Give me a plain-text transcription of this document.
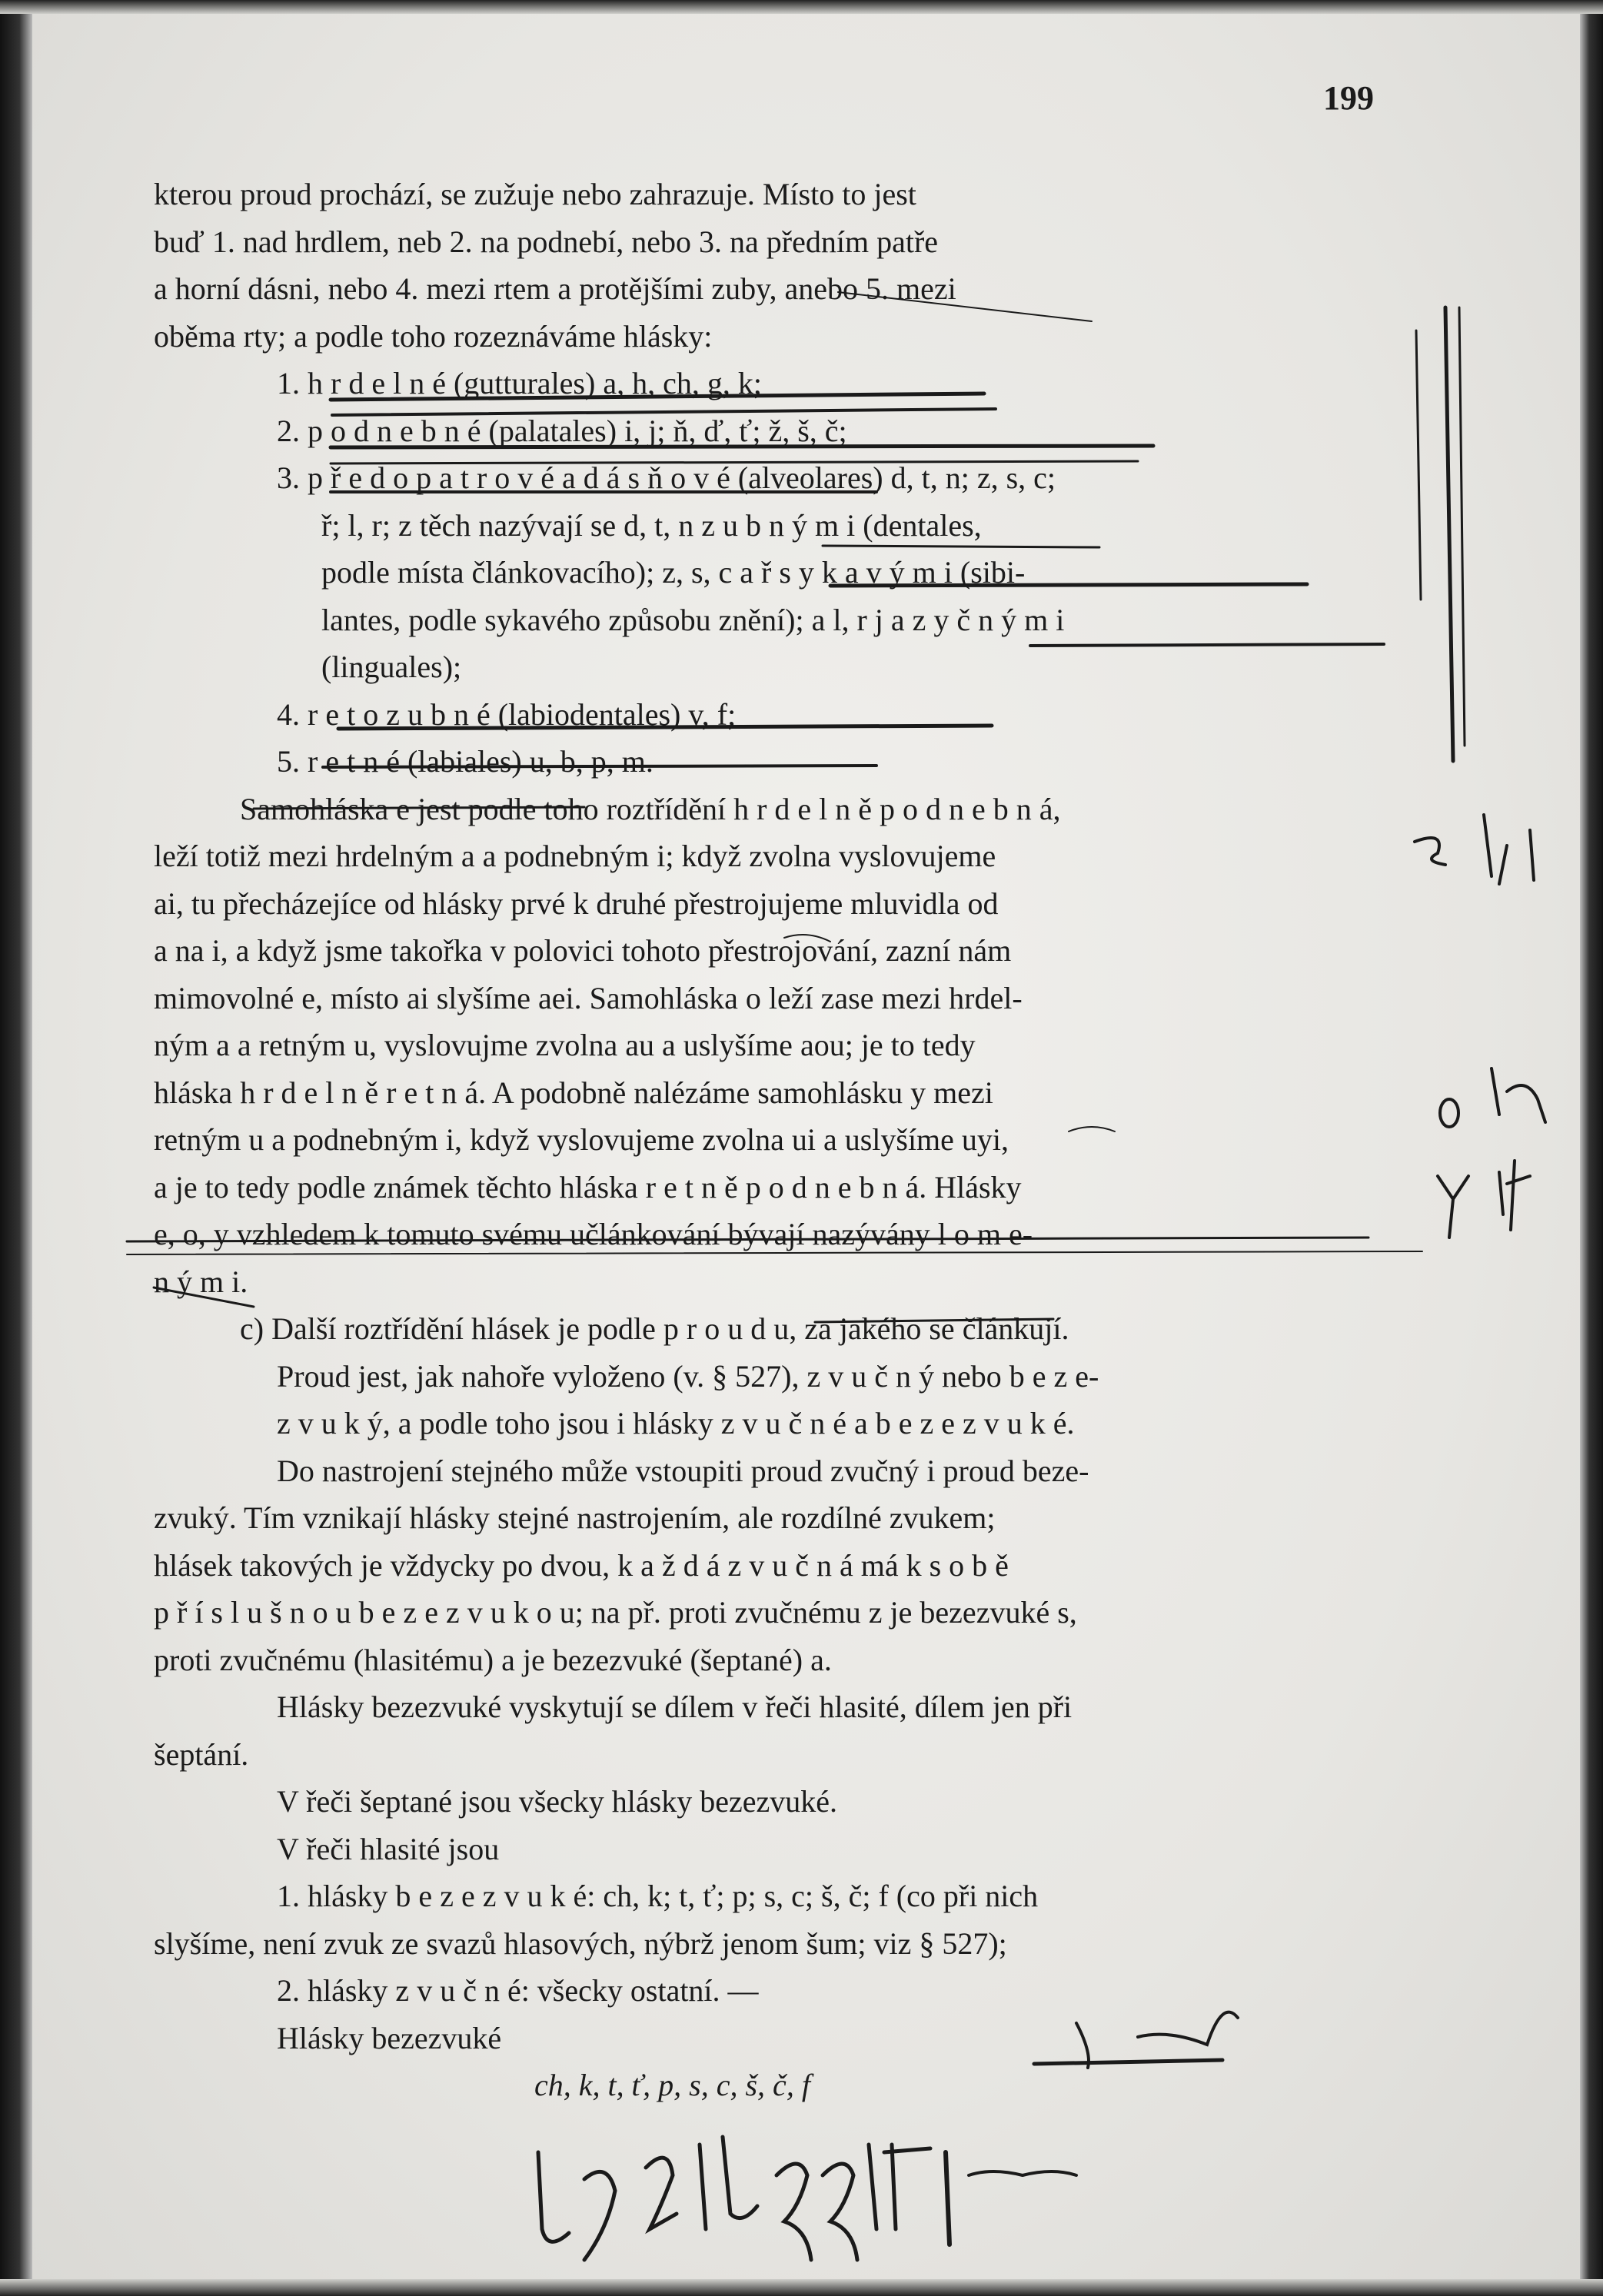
199
kterou proud prochází, se zužuje nebo zahrazuje. Místo to jest
buď 1. nad hrdlem, neb 2. na podnebí, nebo 3. na předním patře
a horní dásni, nebo 4. mezi rtem a protějšími zuby, anebo 5. mezi
oběma rty; a podle toho rozeznáváme hlásky:
1. h r d e l n é (gutturales) a, h, ch, g, k;
2. p o d n e b n é (palatales) i, j; ň, ď, ť; ž, š, č;
3. p ř e d o p a t r o v é a d á s ň o v é (alveolares) d, t, n; z, s, c;
ř; l, r; z těch nazývají se d, t, n z u b n ý m i (dentales,
podle místa článkovacího); z, s, c a ř s y k a v ý m i (sibi-
lantes, podle sykavého způsobu znění); a l, r j a z y č n ý m i
(linguales);
4. r e t o z u b n é (labiodentales) v, f;
5. r e t n é (labiales) u, b, p, m.
Samohláska e jest podle toho roztřídění h r d e l n ě p o d n e b n á,
leží totiž mezi hrdelným a a podnebným i; když zvolna vyslovujeme
ai, tu přecházejíce od hlásky prvé k druhé přestrojujeme mluvidla od
a na i, a když jsme takořka v polovici tohoto přestrojování, zazní nám
mimovolné e, místo ai slyšíme aei. Samohláska o leží zase mezi hrdel-
ným a a retným u, vyslovujme zvolna au a uslyšíme aou; je to tedy
hláska h r d e l n ě r e t n á. A podobně nalézáme samohlásku y mezi
retným u a podnebným i, když vyslovujeme zvolna ui a uslyšíme uyi,
a je to tedy podle známek těchto hláska r e t n ě p o d n e b n á. Hlásky
e, o, y vzhledem k tomuto svému učlánkování bývají nazývány l o m e-
n ý m i.
c) Další roztřídění hlásek je podle p r o u d u, za jakého se článkují.
Proud jest, jak nahoře vyloženo (v. § 527), z v u č n ý nebo b e z e-
z v u k ý, a podle toho jsou i hlásky z v u č n é a b e z e z v u k é.
Do nastrojení stejného může vstoupiti proud zvučný i proud beze-
zvuký. Tím vznikají hlásky stejné nastrojením, ale rozdílné zvukem;
hlásek takových je vždycky po dvou, k a ž d á z v u č n á má k s o b ě
p ř í s l u š n o u b e z e z v u k o u; na př. proti zvučnému z je bezezvuké s,
proti zvučnému (hlasitému) a je bezezvuké (šeptané) a.
Hlásky bezezvuké vyskytují se dílem v řeči hlasité, dílem jen při
šeptání.
V řeči šeptané jsou všecky hlásky bezezvuké.
V řeči hlasité jsou
1. hlásky b e z e z v u k é: ch, k; t, ť; p; s, c; š, č; f (co při nich
slyšíme, není zvuk ze svazů hlasových, nýbrž jenom šum; viz § 527);
2. hlásky z v u č n é: všecky ostatní. —
Hlásky bezezvuké
ch, k, t, ť, p, s, c, š, č, f
